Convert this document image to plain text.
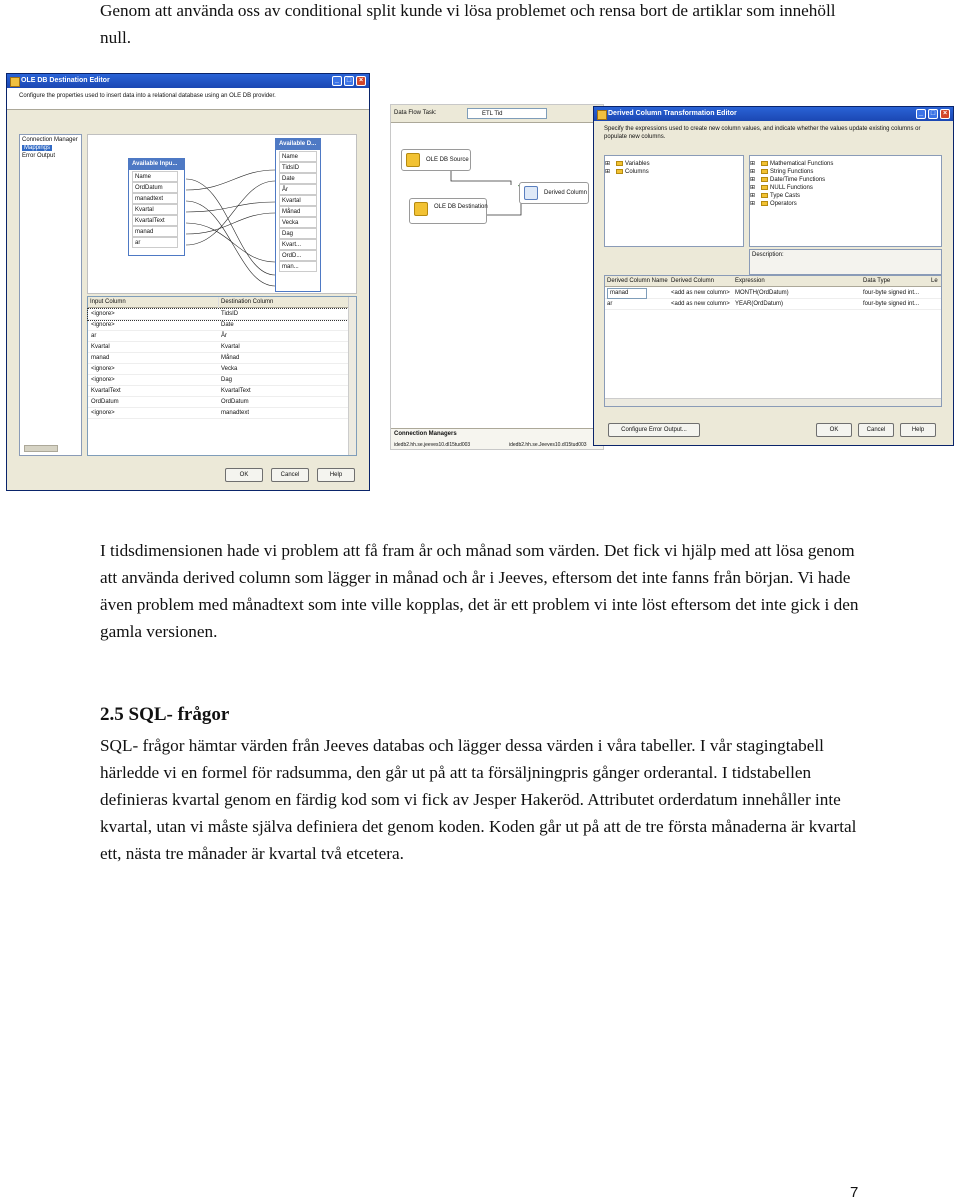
Genom att använda oss av conditional split kunde vi lösa problemet och rensa bort de artiklar som innehöll null.
OLE DB Destination Editor	_	□	×
Configure the properties used to insert data into a relational database using an OLE DB provider.
Connection Manager
Mappings
Error Output
Available Inpu...
Name
OrdDatum
manadtext
Kvartal
KvartalText
manad
ar
Available D...
Name
TidsID
Date
År
Kvartal
Månad
Vecka
Dag
Kvart...
OrdD...
man...
Input Column	Destination Column
<ignore>	TidsID
<ignore>	Date
ar	År
Kvartal	Kvartal
manad	Månad
<ignore>	Vecka
<ignore>	Dag
KvartalText	KvartalText
OrdDatum	OrdDatum
<ignore>	manadtext
OK	Cancel	Help
Data Flow Task:	ETL Tid
OLE DB Source
Derived Column
OLE DB Destination
Connection Managers
idedb2.hh.se.jeeves10.dl15tud003	idedb2.hh.se.Jeeves10.dl15tud003
Derived Column Transformation Editor	_	□	×
Specify the expressions used to create new column values, and indicate whether the values update existing columns or populate new columns.
⊞	Variables
⊞	Columns
⊞	Mathematical Functions
⊞	String Functions
⊞	Date/Time Functions
⊞	NULL Functions
⊞	Type Casts
⊞	Operators
Description:
Derived Column Name Derived Column	Expression	Data Type	Le
manad	<add as new column> MONTH(OrdDatum)	four-byte signed int...
ar	<add as new column> YEAR(OrdDatum)	four-byte signed int...
Configure Error Output...	OK	Cancel	Help
I tidsdimensionen hade vi problem att få fram år och månad som värden. Det fick vi hjälp med att lösa genom att använda derived column som lägger in månad och år i Jeeves, eftersom det inte fanns från början. Vi hade även problem med månadtext som inte ville kopplas, det är ett problem vi inte löst eftersom det inte gick i den gamla versionen.
2.5 SQL- frågor
SQL- frågor hämtar värden från Jeeves databas och lägger dessa värden i våra tabeller. I vår stagingtabell härledde vi en formel för radsumma, den går ut på att ta försäljningpris gånger orderantal. I tidstabellen definieras kvartal genom en färdig kod som vi fick av Jesper Hakeröd. Attributet orderdatum innehåller inte kvartal, utan vi måste själva definiera det genom koden. Koden går ut på att de tre första månaderna är kvartal ett, nästa tre månader är kvartal två etcetera.
7
